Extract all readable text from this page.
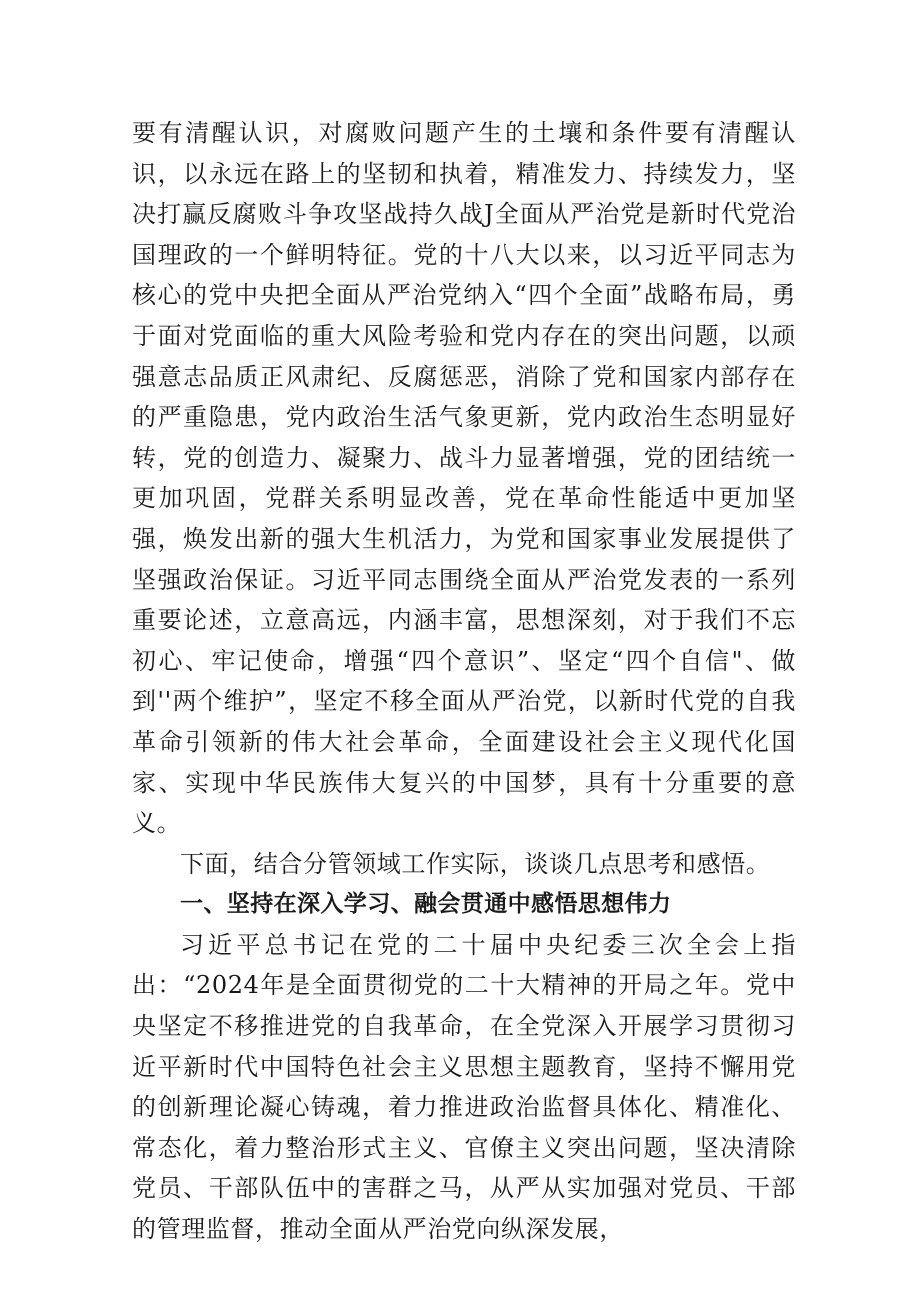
要有清醒认识，对腐败问题产生的土壤和条件要有清醒认识，以永远在路上的坚韧和执着，精准发力、持续发力，坚决打赢反腐败斗争攻坚战持久战J全面从严治党是新时代党治国理政的一个鲜明特征。党的十八大以来，以习近平同志为核心的党中央把全面从严治党纳入“四个全面”战略布局，勇于面对党面临的重大风险考验和党内存在的突出问题，以顽强意志品质正风肃纪、反腐惩恶，消除了党和国家内部存在的严重隐患，党内政治生活气象更新，党内政治生态明显好转，党的创造力、凝聚力、战斗力显著增强，党的团结统一更加巩固，党群关系明显改善，党在革命性能适中更加坚强，焕发出新的强大生机活力，为党和国家事业发展提供了坚强政治保证。习近平同志围绕全面从严治党发表的一系列重要论述，立意高远，内涵丰富，思想深刻，对于我们不忘初心、牢记使命，增强“四个意识”、坚定“四个自信"、做到''两个维护”，坚定不移全面从严治党，以新时代党的自我革命引领新的伟大社会革命，全面建设社会主义现代化国家、实现中华民族伟大复兴的中国梦，具有十分重要的意义。

下面，结合分管领域工作实际，谈谈几点思考和感悟。

一、坚持在深入学习、融会贯通中感悟思想伟力

习近平总书记在党的二十届中央纪委三次全会上指出：“2024年是全面贯彻党的二十大精神的开局之年。党中央坚定不移推进党的自我革命，在全党深入开展学习贯彻习近平新时代中国特色社会主义思想主题教育，坚持不懈用党的创新理论凝心铸魂，着力推进政治监督具体化、精准化、常态化，着力整治形式主义、官僚主义突出问题，坚决清除党员、干部队伍中的害群之马，从严从实加强对党员、干部的管理监督，推动全面从严治党向纵深发展，
